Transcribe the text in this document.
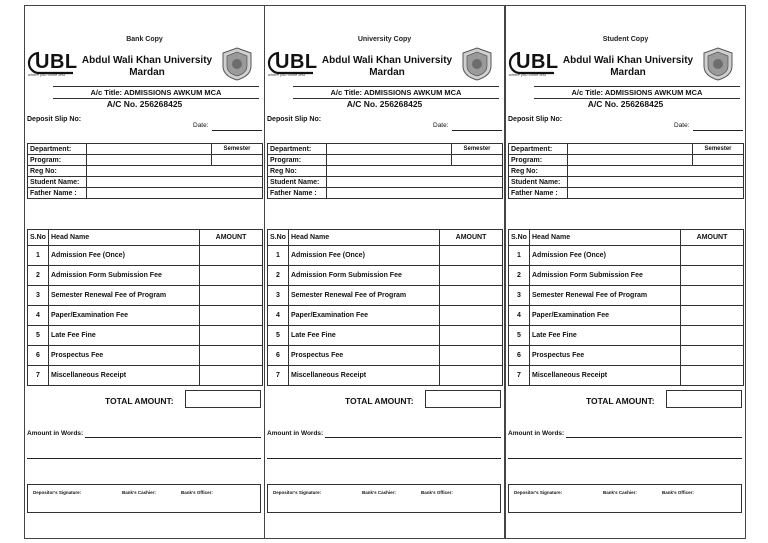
Bank Copy
UBL
where you come first
Abdul Wali Khan University Mardan
A/c Title: ADMISSIONS AWKUM MCA
A/C No. 256268425
Deposit Slip No:
Date:
Department:		Semester
Program:		
Reg No:		
Student Name:		
Father Name :		
S.No	Head Name	AMOUNT
1	Admission Fee (Once)	
2	Admission Form Submission Fee	
3	Semester Renewal Fee of Program	
4	Paper/Examination Fee	
5	Late Fee Fine	
6	Prospectus Fee	
7	Miscellaneous Receipt	
TOTAL AMOUNT:
Amount in Words:
Depositor's Signature:	Bank's Cashier:	Bank's Officer:
University Copy
UBL
where you come first
Abdul Wali Khan University Mardan
A/c Title: ADMISSIONS AWKUM MCA
A/C No. 256268425
Deposit Slip No:
Date:
Department:		Semester
Program:		
Reg No:		
Student Name:		
Father Name :		
S.No	Head Name	AMOUNT
1	Admission Fee (Once)	
2	Admission Form Submission Fee	
3	Semester Renewal Fee of Program	
4	Paper/Examination Fee	
5	Late Fee Fine	
6	Prospectus Fee	
7	Miscellaneous Receipt	
TOTAL AMOUNT:
Amount in Words:
Depositor's Signature:	Bank's Cashier:	Bank's Officer:
Student Copy
UBL
where you come first
Abdul Wali Khan University Mardan
A/c Title: ADMISSIONS AWKUM MCA
A/C No. 256268425
Deposit Slip No:
Date:
Department:		Semester
Program:		
Reg No:		
Student Name:		
Father Name :		
S.No	Head Name	AMOUNT
1	Admission Fee (Once)	
2	Admission Form Submission Fee	
3	Semester Renewal Fee of Program	
4	Paper/Examination Fee	
5	Late Fee Fine	
6	Prospectus Fee	
7	Miscellaneous Receipt	
TOTAL AMOUNT:
Amount in Words:
Depositor's Signature:	Bank's Cashier:	Bank's Officer:
